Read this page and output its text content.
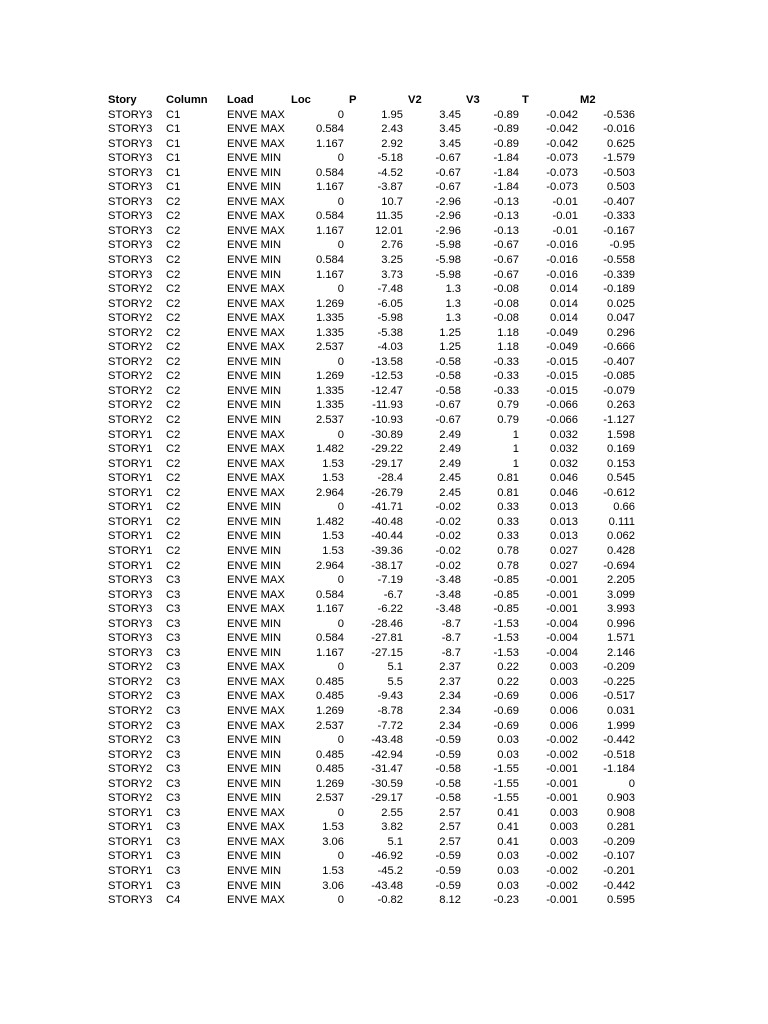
Story	Column Load	Loc	P	V2	V3	T	M2
STORY3 C1	ENVE MAX	0	1.95	3.45	-0.89 -0.042 -0.536
STORY3 C1	ENVE MAX	0.584	2.43	3.45	-0.89 -0.042 -0.016
STORY3 C1	ENVE MAX	1.167	2.92	3.45	-0.89 -0.042	0.625
STORY3 C1	ENVE MIN	0	-5.18	-0.67	-1.84 -0.073 -1.579
STORY3 C1	ENVE MIN	0.584	-4.52	-0.67	-1.84 -0.073 -0.503
STORY3 C1	ENVE MIN	1.167	-3.87	-0.67	-1.84 -0.073	0.503
STORY3 C2	ENVE MAX	0	10.7	-2.96	-0.13	-0.01 -0.407
STORY3 C2	ENVE MAX	0.584	11.35	-2.96	-0.13	-0.01 -0.333
STORY3 C2	ENVE MAX	1.167	12.01	-2.96	-0.13	-0.01 -0.167
STORY3 C2	ENVE MIN	0	2.76	-5.98	-0.67 -0.016	-0.95
STORY3 C2	ENVE MIN	0.584	3.25	-5.98	-0.67 -0.016 -0.558
STORY3 C2	ENVE MIN	1.167	3.73	-5.98	-0.67 -0.016 -0.339
STORY2 C2	ENVE MAX	0	-7.48	1.3	-0.08	0.014 -0.189
STORY2 C2	ENVE MAX	1.269	-6.05	1.3	-0.08	0.014	0.025
STORY2 C2	ENVE MAX	1.335	-5.98	1.3	-0.08	0.014	0.047
STORY2 C2	ENVE MAX	1.335	-5.38	1.25	1.18 -0.049	0.296
STORY2 C2	ENVE MAX	2.537	-4.03	1.25	1.18 -0.049 -0.666
STORY2 C2	ENVE MIN	0 -13.58	-0.58	-0.33 -0.015 -0.407
STORY2 C2	ENVE MIN	1.269 -12.53	-0.58	-0.33 -0.015 -0.085
STORY2 C2	ENVE MIN	1.335 -12.47	-0.58	-0.33 -0.015 -0.079
STORY2 C2	ENVE MIN	1.335	-11.93	-0.67	0.79 -0.066	0.263
STORY2 C2	ENVE MIN	2.537 -10.93	-0.67	0.79 -0.066 -1.127
STORY1 C2	ENVE MAX	0 -30.89	2.49	1	0.032	1.598
STORY1 C2	ENVE MAX	1.482 -29.22	2.49	1	0.032	0.169
STORY1 C2	ENVE MAX	1.53 -29.17	2.49	1	0.032	0.153
STORY1 C2	ENVE MAX	1.53	-28.4	2.45	0.81	0.046	0.545
STORY1 C2	ENVE MAX	2.964 -26.79	2.45	0.81	0.046 -0.612
STORY1 C2	ENVE MIN	0 -41.71	-0.02	0.33	0.013	0.66
STORY1 C2	ENVE MIN	1.482 -40.48	-0.02	0.33	0.013	0.111
STORY1 C2	ENVE MIN	1.53 -40.44	-0.02	0.33	0.013	0.062
STORY1 C2	ENVE MIN	1.53 -39.36	-0.02	0.78	0.027	0.428
STORY1 C2	ENVE MIN	2.964 -38.17	-0.02	0.78	0.027 -0.694
STORY3 C3	ENVE MAX	0	-7.19	-3.48	-0.85 -0.001	2.205
STORY3 C3	ENVE MAX	0.584	-6.7	-3.48	-0.85 -0.001	3.099
STORY3 C3	ENVE MAX	1.167	-6.22	-3.48	-0.85 -0.001	3.993
STORY3 C3	ENVE MIN	0 -28.46	-8.7	-1.53 -0.004	0.996
STORY3 C3	ENVE MIN	0.584 -27.81	-8.7	-1.53 -0.004	1.571
STORY3 C3	ENVE MIN	1.167 -27.15	-8.7	-1.53 -0.004	2.146
STORY2 C3	ENVE MAX	0	5.1	2.37	0.22	0.003 -0.209
STORY2 C3	ENVE MAX	0.485	5.5	2.37	0.22	0.003 -0.225
STORY2 C3	ENVE MAX	0.485	-9.43	2.34	-0.69	0.006 -0.517
STORY2 C3	ENVE MAX	1.269	-8.78	2.34	-0.69	0.006	0.031
STORY2 C3	ENVE MAX	2.537	-7.72	2.34	-0.69	0.006	1.999
STORY2 C3	ENVE MIN	0 -43.48	-0.59	0.03 -0.002 -0.442
STORY2 C3	ENVE MIN	0.485 -42.94	-0.59	0.03 -0.002 -0.518
STORY2 C3	ENVE MIN	0.485 -31.47	-0.58	-1.55 -0.001 -1.184
STORY2 C3	ENVE MIN	1.269 -30.59	-0.58	-1.55 -0.001	0
STORY2 C3	ENVE MIN	2.537 -29.17	-0.58	-1.55 -0.001	0.903
STORY1 C3	ENVE MAX	0	2.55	2.57	0.41	0.003	0.908
STORY1 C3	ENVE MAX	1.53	3.82	2.57	0.41	0.003	0.281
STORY1 C3	ENVE MAX	3.06	5.1	2.57	0.41	0.003 -0.209
STORY1 C3	ENVE MIN	0 -46.92	-0.59	0.03 -0.002 -0.107
STORY1 C3	ENVE MIN	1.53	-45.2	-0.59	0.03 -0.002 -0.201
STORY1 C3	ENVE MIN	3.06 -43.48	-0.59	0.03 -0.002 -0.442
STORY3 C4	ENVE MAX	0	-0.82	8.12	-0.23 -0.001	0.595
